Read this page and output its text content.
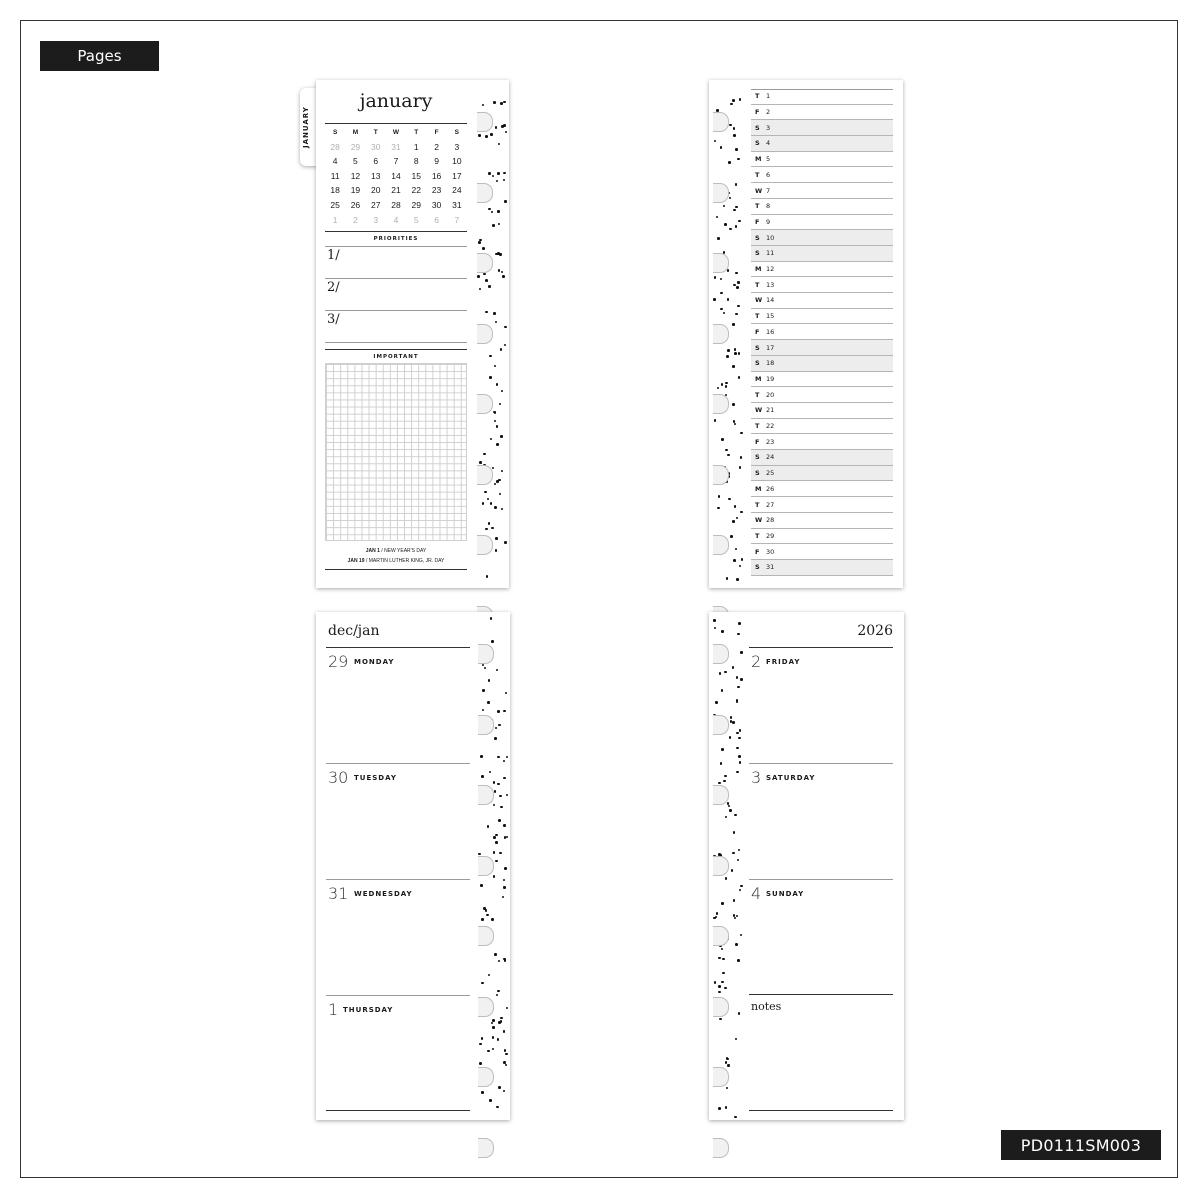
Pages
PD0111SM003
JANUARY
january
S	M	T	W	T	F	S
28	29	30	31	1	2	3
4	5	6	7	8	9	10
11	12	13	14	15	16	17
18	19	20	21	22	23	24
25	26	27	28	29	30	31
1	2	3	4	5	6	7
PRIORITIES
1/
2/
3/
IMPORTANT
JAN 1 / NEW YEAR'S DAY
JAN 19 / MARTIN LUTHER KING, JR. DAY
T	1
F	2
S 3
S 4
M 5
T	6
W 7
T	8
F	9
S 10
S 11
M 12
T	13
W 14
T	15
F	16
S 17
S 18
M 19
T	20
W 21
T	22
F	23
S 24
S 25
M 26
T	27
W 28
T	29
F	30
S 31
dec/jan
29 MONDAY
30 TUESDAY
31 WEDNESDAY
1 THURSDAY
2026
2 FRIDAY
3 SATURDAY
4 SUNDAY
notes
